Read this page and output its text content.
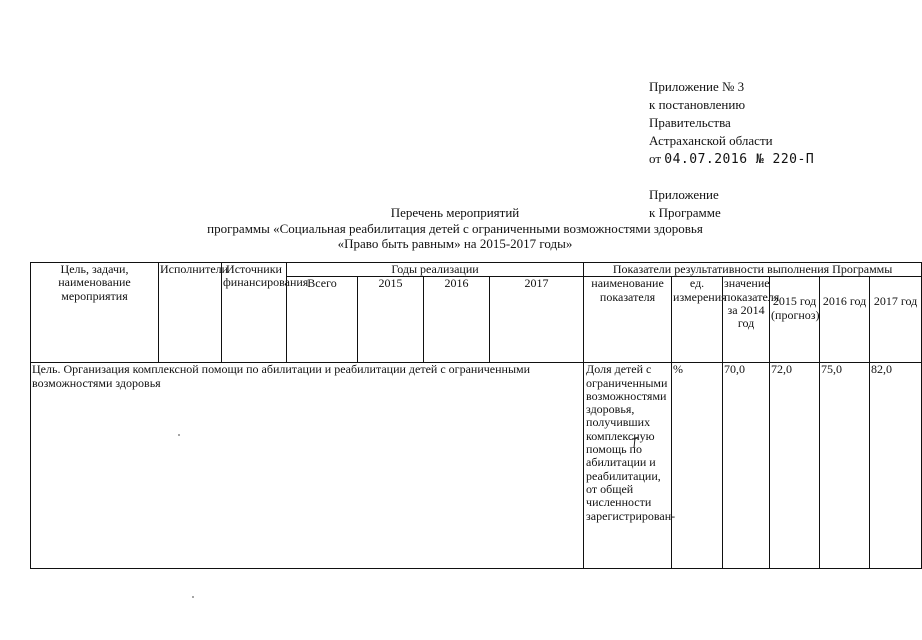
Приложение № 3
к постановлению
Правительства
Астраханской области
от 04.07.2016 № 220-П
Приложение
к Программе
Перечень мероприятий
программы «Социальная реабилитация детей с ограниченными возможностями здоровья
«Право быть равным» на 2015-2017 годы»
Цель, задачи, наименование мероприятия	Исполнители	Источники финансирования	Годы реализации				Показатели результативности выполнения Программы					
			Всего	2015	2016	2017	наименование показателя	ед. измерения	значение показателя за 2014 год	2015 год (прогноз)	2016 год	2017 год
Цель. Организация комплексной помощи по абилитации и реабилитации детей с ограниченными возможностями здоровья							Доля детей с ограниченными возможностями здоровья, получивших комплексную помощь по абилитации и реабилитации, от общей численности зарегистрирован-	%	70,0	72,0	75,0	82,0
